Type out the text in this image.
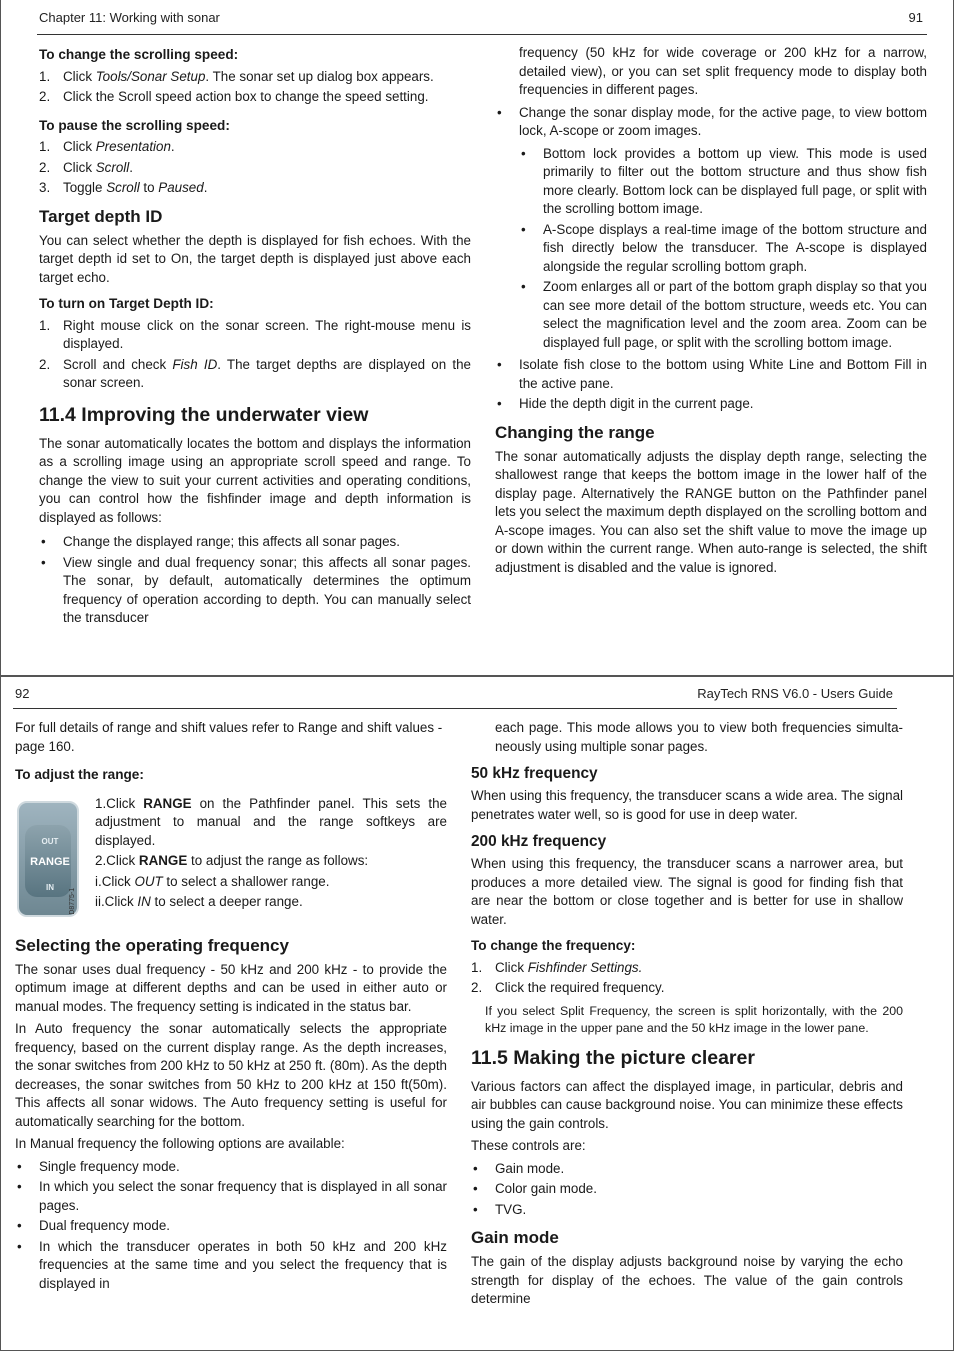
Chapter 11: Working with sonar	91
To change the scrolling speed:
1. Click Tools/Sonar Setup. The sonar set up dialog box appears.
2. Click the Scroll speed action box to change the speed setting.
To pause the scrolling speed:
1. Click Presentation.
2. Click Scroll.
3. Toggle Scroll to Paused.
Target depth ID

You can select whether the depth is displayed for fish echoes. With the target depth id set to On, the target depth is displayed just above each target echo.

To turn on Target Depth ID:
1. Right mouse click on the sonar screen. The right-mouse menu is displayed.
2. Scroll and check Fish ID. The target depths are displayed on the sonar screen.
11.4 Improving the underwater view

The sonar automatically locates the bottom and displays the information as a scrolling image using an appropriate scroll speed and range. To change the view to suit your current activities and operating conditions, you can control how the fishfinder image and depth information is displayed as follows:

• Change the displayed range; this affects all sonar pages.
• View single and dual frequency sonar; this affects all sonar pages. The sonar, by default, automatically determines the optimum frequency of operation according to depth. You can manually select the transducer

frequency (50 kHz for wide coverage or 200 kHz for a narrow, detailed view), or you can set split frequency mode to display both frequencies in different pages.

• Change the sonar display mode, for the active page, to view bottom lock, A-scope or zoom images.
• Bottom lock provides a bottom up view. This mode is used primarily to filter out the bottom structure and thus show fish more clearly. Bottom lock can be displayed full page, or split with the scrolling bottom image.
• A-Scope displays a real-time image of the bottom structure and fish directly below the transducer. The A-scope is displayed alongside the regular scrolling bottom graph.
• Zoom enlarges all or part of the bottom graph display so that you can see more detail of the bottom structure, weeds etc. You can select the magnification level and the zoom area. Zoom can be displayed full page, or split with the scrolling bottom image.
• Isolate fish close to the bottom using White Line and Bottom Fill in the active pane.
• Hide the depth digit in the current page.
Changing the range

The sonar automatically adjusts the display depth range, selecting the shallowest range that keeps the bottom image in the lower half of the display page. Alternatively the RANGE button on the Pathfinder panel lets you select the maximum depth displayed on the scrolling bottom and A-scope images. You can also set the shift value to move the image up or down within the current range. When auto-range is selected, the shift adjustment is disabled and the value is ignored.

92	RayTech RNS V6.0 - Users Guide

For full details of range and shift values refer to Range and shift values - page 160.

To adjust the range:
OUT
RANGE
IN
D8775-1
1.Click RANGE on the Pathfinder panel. This sets the adjustment to manual and the range softkeys are displayed.
2.Click RANGE to adjust the range as follows:
i.Click OUT to select a shallower range.
ii.Click IN to select a deeper range.
Selecting the operating frequency

The sonar uses dual frequency - 50 kHz and 200 kHz - to provide the optimum image at different depths and can be used in either auto or manual modes. The frequency setting is indicated in the status bar.

In Auto frequency the sonar automatically selects the appropriate frequency, based on the current display range. As the depth increases, the sonar switches from 200 kHz to 50 kHz at 250 ft. (80m). As the depth decreases, the sonar switches from 50 kHz to 200 kHz at 150 ft(50m). This affects all sonar widows. The Auto frequency setting is useful for automatically searching for the bottom.

In Manual frequency the following options are available:

• Single frequency mode.
• In which you select the sonar frequency that is displayed in all sonar pages.
• Dual frequency mode.
• In which the transducer operates in both 50 kHz and 200 kHz frequencies at the same time and you select the frequency that is displayed in

each page. This mode allows you to view both frequencies simultaneously using multiple sonar pages.

50 kHz frequency

When using this frequency, the transducer scans a wide area. The signal penetrates water well, so is good for use in deep water.

200 kHz frequency

When using this frequency, the transducer scans a narrower area, but produces a more detailed view. The signal is good for finding fish that are near the bottom or close together and is better for use in shallow water.

To change the frequency:
1. Click Fishfinder Settings.
2. Click the required frequency.
If you select Split Frequency, the screen is split horizontally, with the 200 kHz image in the upper pane and the 50 kHz image in the lower pane.
11.5 Making the picture clearer

Various factors can affect the displayed image, in particular, debris and air bubbles can cause background noise. You can minimize these effects using the gain controls.

These controls are:

• Gain mode.
• Color gain mode.
• TVG.
Gain mode

The gain of the display adjusts background noise by varying the echo strength for display of the echoes. The value of the gain controls determine
